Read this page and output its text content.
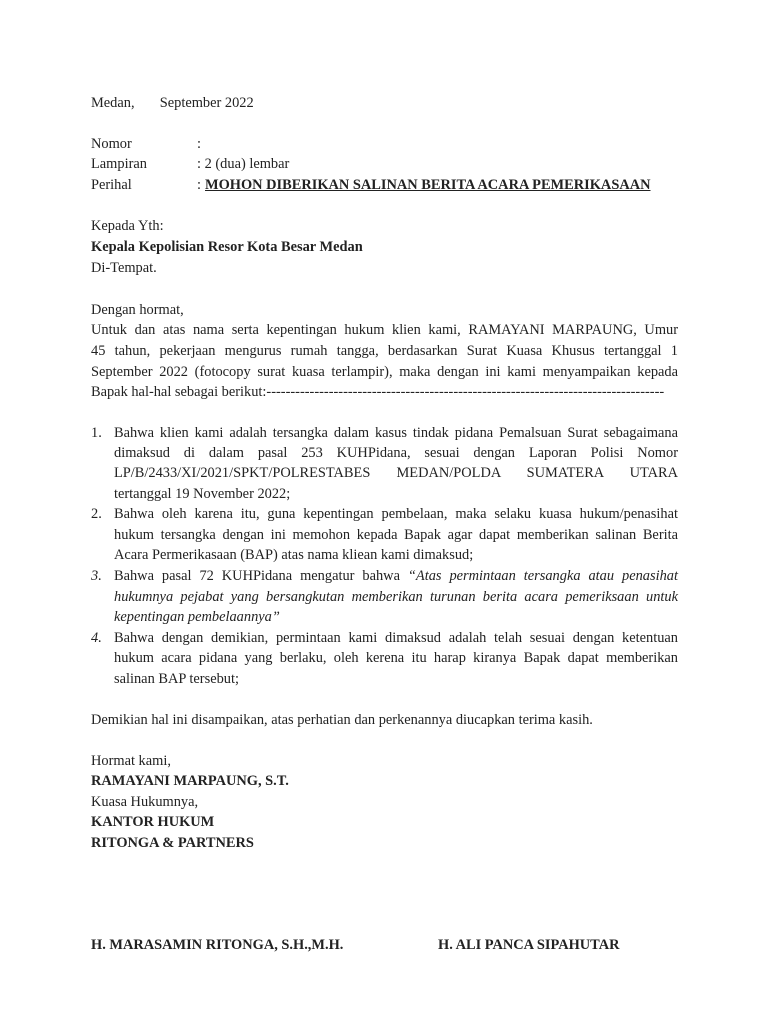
Medan,       September 2022
Nomor	:
Lampiran	: 2 (dua) lembar
Perihal	: MOHON DIBERIKAN SALINAN BERITA ACARA PEMERIKASAAN
Kepada Yth:
Kepala Kepolisian Resor Kota Besar Medan
Di-Tempat.
Dengan hormat,
Untuk dan atas nama serta kepentingan hukum klien kami, RAMAYANI MARPAUNG, Umur
45 tahun, pekerjaan mengurus rumah tangga, berdasarkan Surat Kuasa Khusus tertanggal 1
September 2022 (fotocopy surat kuasa terlampir), maka dengan ini kami menyampaikan kepada
Bapak hal-hal sebagai berikut:-----------------------------------------------------------------------------------
1. Bahwa klien kami adalah tersangka dalam kasus tindak pidana Pemalsuan Surat sebagaimana
dimaksud di dalam pasal 253 KUHPidana, sesuai dengan Laporan Polisi Nomor
LP/B/2433/XI/2021/SPKT/POLRESTABES MEDAN/POLDA SUMATERA UTARA
tertanggal 19 November 2022;
2. Bahwa oleh karena itu, guna kepentingan pembelaan, maka selaku kuasa hukum/penasihat
hukum tersangka dengan ini memohon kepada Bapak agar dapat memberikan salinan Berita
Acara Permerikasaan (BAP) atas nama kliean kami dimaksud;
3. Bahwa pasal 72 KUHPidana mengatur bahwa “Atas permintaan tersangka atau penasihat
hukumnya pejabat yang bersangkutan memberikan turunan berita acara pemeriksaan untuk
kepentingan pembelaannya”
4. Bahwa dengan demikian, permintaan kami dimaksud adalah telah sesuai dengan ketentuan
hukum acara pidana yang berlaku, oleh kerena itu harap kiranya Bapak dapat memberikan
salinan BAP tersebut;
Demikian hal ini disampaikan, atas perhatian dan perkenannya diucapkan terima kasih.
Hormat kami,
RAMAYANI MARPAUNG, S.T.
Kuasa Hukumnya,
KANTOR HUKUM
RITONGA & PARTNERS
H. MARASAMIN RITONGA, S.H.,M.H.	H. ALI PANCA SIPAHUTAR
